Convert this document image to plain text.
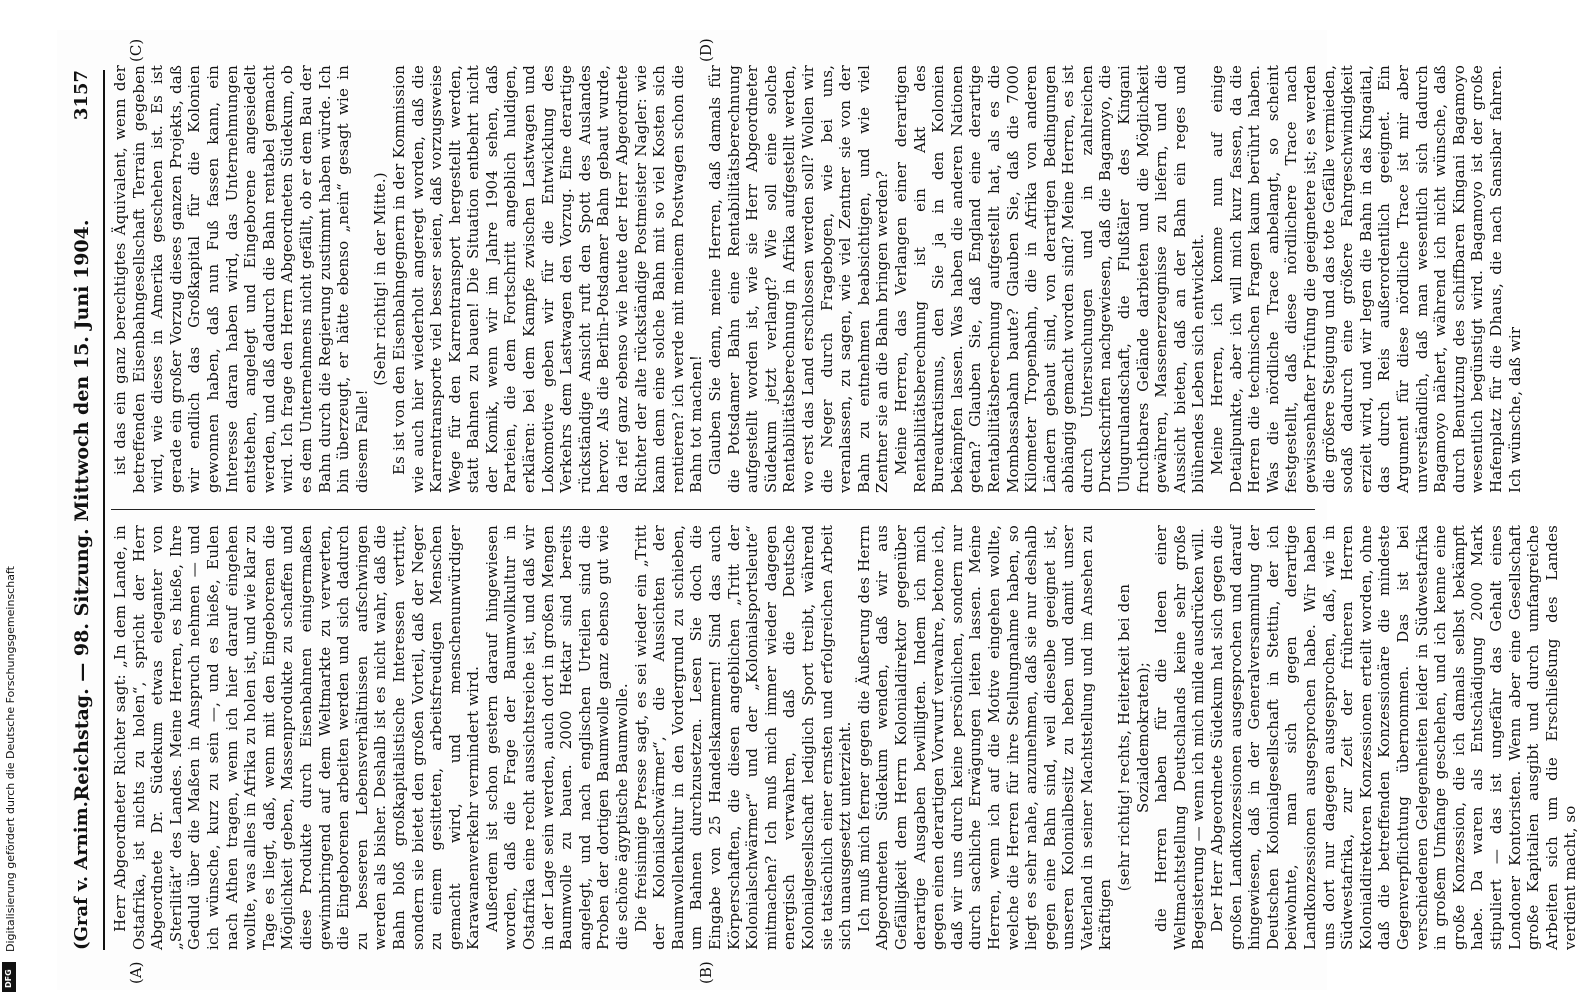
Digitalisierung gefördert durch die Deutsche Forschungsgemeinschaft
DFG
(Graf v. Arnim.)
Reichstag. — 98. Sitzung. Mittwoch den 15. Juni 1904.
3157
(A)	(B)
(C)	(D)

Herr Abgeordneter Richter sagt: „In dem Lande, in Ostafrika, ist nichts zu holen“, spricht der Herr Abgeordnete Dr. Südekum etwas eleganter von „Sterilität“ des Landes. Meine Herren, es hieße, Ihre Geduld über die Maßen in Anspruch nehmen — und ich wünsche, kurz zu sein —, und es hieße, Eulen nach Athen tragen, wenn ich hier darauf eingehen wollte, was alles in Afrika zu holen ist, und wie klar zu Tage es liegt, daß, wenn mit den Eingeborenen die Möglichkeit geben, Massenprodukte zu schaffen und diese Produkte durch Eisenbahnen einigermaßen gewinnbringend auf dem Weltmarkte zu verwerten, die Eingeborenen arbeiten werden und sich dadurch zu besseren Lebensverhältnissen aufschwingen werden als bisher. Deshalb ist es nicht wahr, daß die Bahn bloß großkapitalistische Interessen vertritt, sondern sie bietet den großen Vorteil, daß der Neger zu einem gesitteten, arbeitsfreudigen Menschen gemacht wird, und menschenunwürdiger Karawanenverkehr vermindert wird. Außerdem ist schon gestern darauf hingewiesen worden, daß die Frage der Baumwollkultur in Ostafrika eine recht aussichtsreiche ist, und daß wir in der Lage sein werden, auch dort in großen Mengen Baumwolle zu bauen. 2000 Hektar sind bereits angelegt, und nach englischen Urteilen sind die Proben der dortigen Baumwolle ganz ebenso gut wie die schöne ägyptische Baumwolle. Die freisinnige Presse sagt, es sei wieder ein „Tritt der Kolonialschwärmer“, die Aussichten der Baumwollenkultur in den Vordergrund zu schieben, um Bahnen durchzusetzen. Lesen Sie doch die Eingabe von 25 Handelskammern! Sind das auch Körperschaften, die diesen angeblichen „Tritt der Kolonialschwärmer“ und der „Kolonialsportsleute“ mitmachen? Ich muß mich immer wieder dagegen energisch verwahren, daß die Deutsche Kolonialgesellschaft lediglich Sport treibt, während sie tatsächlich einer ernsten und erfolgreichen Arbeit sich unausgesetzt unterzieht. Ich muß mich ferner gegen die Äußerung des Herrn Abgeordneten Südekum wenden, daß wir aus Gefälligkeit dem Herrn Kolonialdirektor gegenüber derartige Ausgaben bewilligten. Indem ich mich gegen einen derartigen Vorwurf verwahre, betone ich, daß wir uns durch keine persönlichen, sondern nur durch sachliche Erwägungen leiten lassen. Meine Herren, wenn ich auf die Motive eingehen wollte, welche die Herren für ihre Stellungnahme haben, so liegt es sehr nahe, anzunehmen, daß sie nur deshalb gegen eine Bahn sind, weil dieselbe geeignet ist, unseren Kolonialbesitz zu heben und damit unser Vaterland in seiner Machtstellung und im Ansehen zu kräftigen

(sehr richtig! rechts, Heiterkeit bei den Sozialdemokraten); die Herren haben für die Ideen einer Weltmachtstellung Deutschlands keine sehr große Begeisterung — wenn ich mich milde ausdrücken will. Der Herr Abgeordnete Südekum hat sich gegen die großen Landkonzessionen ausgesprochen und darauf hingewiesen, daß in der Generalversammlung der Deutschen Kolonialgesellschaft in Stettin, der ich beiwohnte, man sich gegen derartige Landkonzessionen ausgesprochen habe. Wir haben uns dort nur dagegen ausgesprochen, daß, wie in Südwestafrika, zur Zeit der früheren Herren Kolonialdirektoren Konzessionen erteilt worden, ohne daß die betreffenden Konzessionäre die mindeste Gegenverpflichtung übernommen. Das ist bei verschiedenen Gelegenheiten leider in Südwestafrika in großem Umfange geschehen, und ich kenne eine große Konzession, die ich damals selbst bekämpft habe. Da waren als Entschädigung 2000 Mark stipuliert — das ist ungefähr das Gehalt eines Londoner Kontoristen. Wenn aber eine Gesellschaft große Kapitalien ausgibt und durch umfangreiche Arbeiten sich um die Erschließung des Landes verdient macht, so

ist das ein ganz berechtigtes Äquivalent, wenn der betreffenden Eisenbahngesellschaft Terrain gegeben wird, wie dieses in Amerika geschehen ist. Es ist gerade ein großer Vorzug dieses ganzen Projekts, daß wir endlich das Großkapital für die Kolonien gewonnen haben, daß nun Fuß fassen kann, ein Interesse daran haben wird, das Unternehmungen entstehen, angelegt und Eingeborene angesiedelt werden, und daß dadurch die Bahn rentabel gemacht wird. Ich frage den Herrn Abgeordneten Südekum, ob es dem Unternehmens nicht gefällt, ob er dem Bau der Bahn durch die Regierung zustimmt haben würde. Ich bin überzeugt, er hätte ebenso „nein“ gesagt wie in diesem Falle!

(Sehr richtig! in der Mitte.) Es ist von den Eisenbahngegnern in der Kommission wie auch hier wiederholt angeregt worden, daß die Karrentransporte viel besser seien, daß vorzugsweise Wege für den Karrentransport hergestellt werden, statt Bahnen zu bauen! Die Situation entbehrt nicht der Komik, wenn wir im Jahre 1904 sehen, daß Parteien, die dem Fortschritt angeblich huldigen, erklären: bei dem Kampfe zwischen Lastwagen und Lokomotive geben wir für die Entwicklung des Verkehrs dem Lastwagen den Vorzug. Eine derartige rückständige Ansicht ruft den Spott des Auslandes hervor. Als die Berlin-Potsdamer Bahn gebaut wurde, da rief ganz ebenso wie heute der Herr Abgeordnete Richter der alte rückständige Postmeister Nagler: wie kann denn eine solche Bahn mit so viel Kosten sich rentieren? ich werde mit meinem Postwagen schon die Bahn tot machen! Glauben Sie denn, meine Herren, daß damals für die Potsdamer Bahn eine Rentabilitätsberechnung aufgestellt worden ist, wie sie Herr Abgeordneter Südekum jetzt verlangt? Wie soll eine solche Rentabilitätsberechnung in Afrika aufgestellt werden, wo erst das Land erschlossen werden soll? Wollen wir die Neger durch Fragebogen, wie bei uns, veranlassen, zu sagen, wie viel Zentner sie von der Bahn zu entnehmen beabsichtigen, und wie viel Zentner sie an die Bahn bringen werden? Meine Herren, das Verlangen einer derartigen Rentabilitätsberechnung ist ein Akt des Bureaukratismus, den Sie ja in den Kolonien bekämpfen lassen. Was haben die anderen Nationen getan? Glauben Sie, daß England eine derartige Rentabilitätsberechnung aufgestellt hat, als es die Mombassabahn baute? Glauben Sie, daß die 7000 Kilometer Tropenbahn, die in Afrika von anderen Ländern gebaut sind, von derartigen Bedingungen abhängig gemacht worden sind? Meine Herren, es ist durch Untersuchungen und in zahlreichen Druckschriften nachgewiesen, daß die Bagamoyo, die Ulugurulandschaft, die Flußtäler des Kingani fruchtbares Gelände darbieten und die Möglichkeit gewähren, Massenerzeugnisse zu liefern, und die Aussicht bieten, daß an der Bahn ein reges und blühendes Leben sich entwickelt. Meine Herren, ich komme nun auf einige Detailpunkte, aber ich will mich kurz fassen, da die Herren die technischen Fragen kaum berührt haben. Was die nördliche Trace anbelangt, so scheint festgestellt, daß diese nördlichere Trace nach gewissenhafter Prüfung die geeignetere ist; es werden die größere Steigung und das tote Gefälle vermieden, sodaß dadurch eine größere Fahrgeschwindigkeit erzielt wird, und wir legen die Bahn in das Kingaital, das durch Reis außerordentlich geeignet. Ein Argument für diese nördliche Trace ist mir aber unverständlich, daß man wesentlich sich dadurch Bagamoyo nähert, während ich nicht wünsche, daß durch Benutzung des schiffbaren Kingani Bagamoyo wesentlich begünstigt wird. Bagamoyo ist der große Hafenplatz für die Dhaus, die nach Sansibar fahren. Ich wünsche, daß wir
